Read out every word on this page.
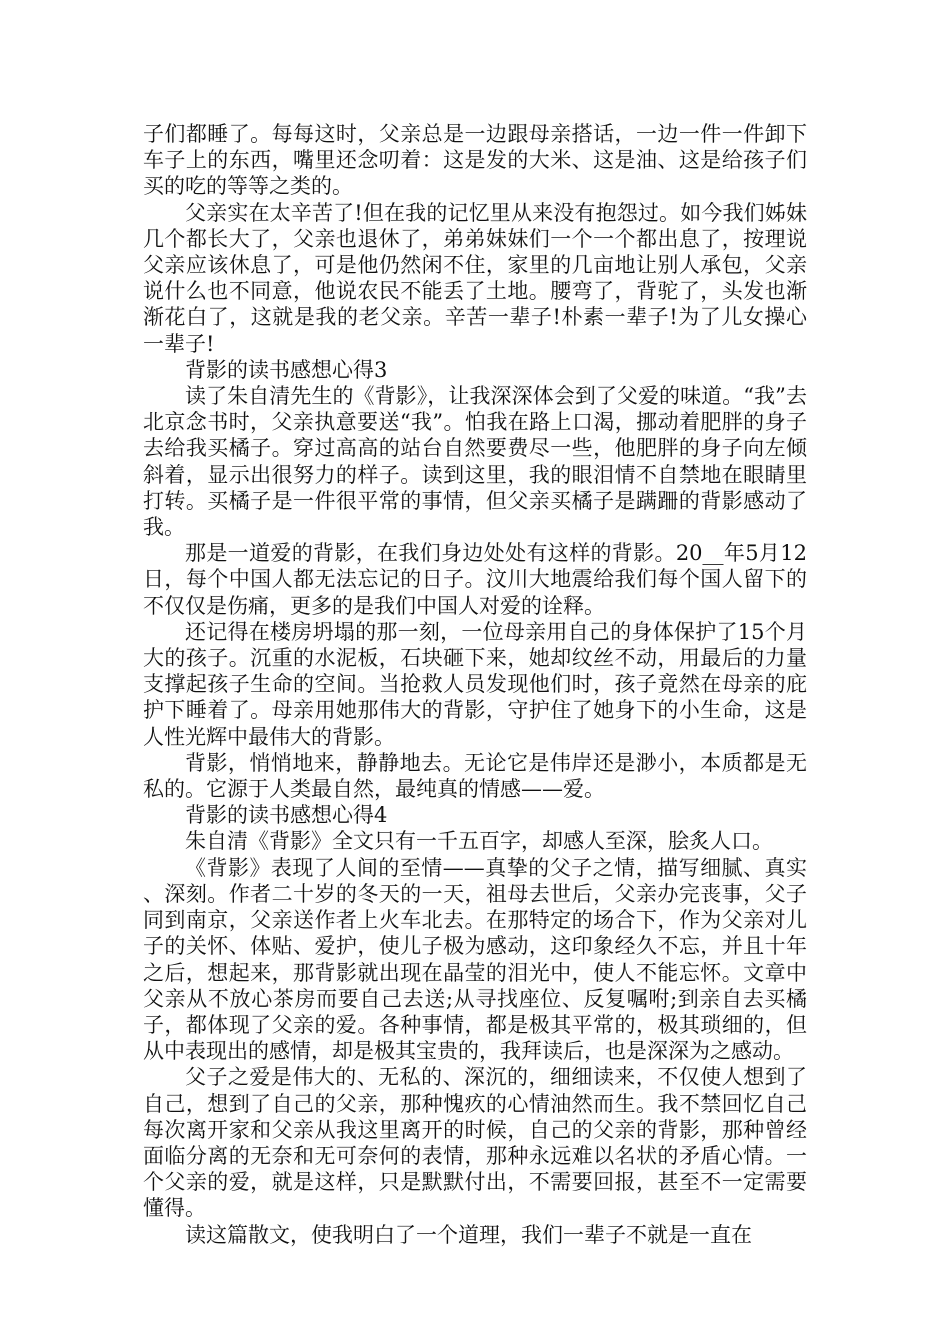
子们都睡了。每每这时，父亲总是一边跟母亲搭话，一边一件一件卸下车子上的东西，嘴里还念叨着：这是发的大米、这是油、这是给孩子们买的吃的等等之类的。

父亲实在太辛苦了!但在我的记忆里从来没有抱怨过。如今我们姊妹几个都长大了，父亲也退休了，弟弟妹妹们一个一个都出息了，按理说父亲应该休息了，可是他仍然闲不住，家里的几亩地让别人承包，父亲说什么也不同意，他说农民不能丢了土地。腰弯了，背驼了，头发也渐渐花白了，这就是我的老父亲。辛苦一辈子!朴素一辈子!为了儿女操心一辈子!

背影的读书感想心得3

读了朱自清先生的《背影》，让我深深体会到了父爱的味道。“我”去北京念书时，父亲执意要送“我”。怕我在路上口渴，挪动着肥胖的身子去给我买橘子。穿过高高的站台自然要费尽一些，他肥胖的身子向左倾斜着，显示出很努力的样子。读到这里，我的眼泪情不自禁地在眼睛里打转。买橘子是一件很平常的事情，但父亲买橘子是蹒跚的背影感动了我。

那是一道爱的背影，在我们身边处处有这样的背影。20__年5月12日，每个中国人都无法忘记的日子。汶川大地震给我们每个国人留下的不仅仅是伤痛，更多的是我们中国人对爱的诠释。

还记得在楼房坍塌的那一刻，一位母亲用自己的身体保护了15个月大的孩子。沉重的水泥板，石块砸下来，她却纹丝不动，用最后的力量支撑起孩子生命的空间。当抢救人员发现他们时，孩子竟然在母亲的庇护下睡着了。母亲用她那伟大的背影，守护住了她身下的小生命，这是人性光辉中最伟大的背影。

背影，悄悄地来，静静地去。无论它是伟岸还是渺小，本质都是无私的。它源于人类最自然，最纯真的情感——爱。

背影的读书感想心得4

朱自清《背影》全文只有一千五百字，却感人至深，脍炙人口。

《背影》表现了人间的至情——真挚的父子之情，描写细腻、真实、深刻。作者二十岁的冬天的一天，祖母去世后，父亲办完丧事，父子同到南京，父亲送作者上火车北去。在那特定的场合下，作为父亲对儿子的关怀、体贴、爱护，使儿子极为感动，这印象经久不忘，并且十年之后，想起来，那背影就出现在晶莹的泪光中，使人不能忘怀。文章中父亲从不放心茶房而要自己去送;从寻找座位、反复嘱咐;到亲自去买橘子，都体现了父亲的爱。各种事情，都是极其平常的，极其琐细的，但从中表现出的感情，却是极其宝贵的，我拜读后，也是深深为之感动。

父子之爱是伟大的、无私的、深沉的，细细读来，不仅使人想到了自己，想到了自己的父亲，那种愧疚的心情油然而生。我不禁回忆自己每次离开家和父亲从我这里离开的时候，自己的父亲的背影，那种曾经面临分离的无奈和无可奈何的表情，那种永远难以名状的矛盾心情。一个父亲的爱，就是这样，只是默默付出，不需要回报，甚至不一定需要懂得。

读这篇散文，使我明白了一个道理，我们一辈子不就是一直在
